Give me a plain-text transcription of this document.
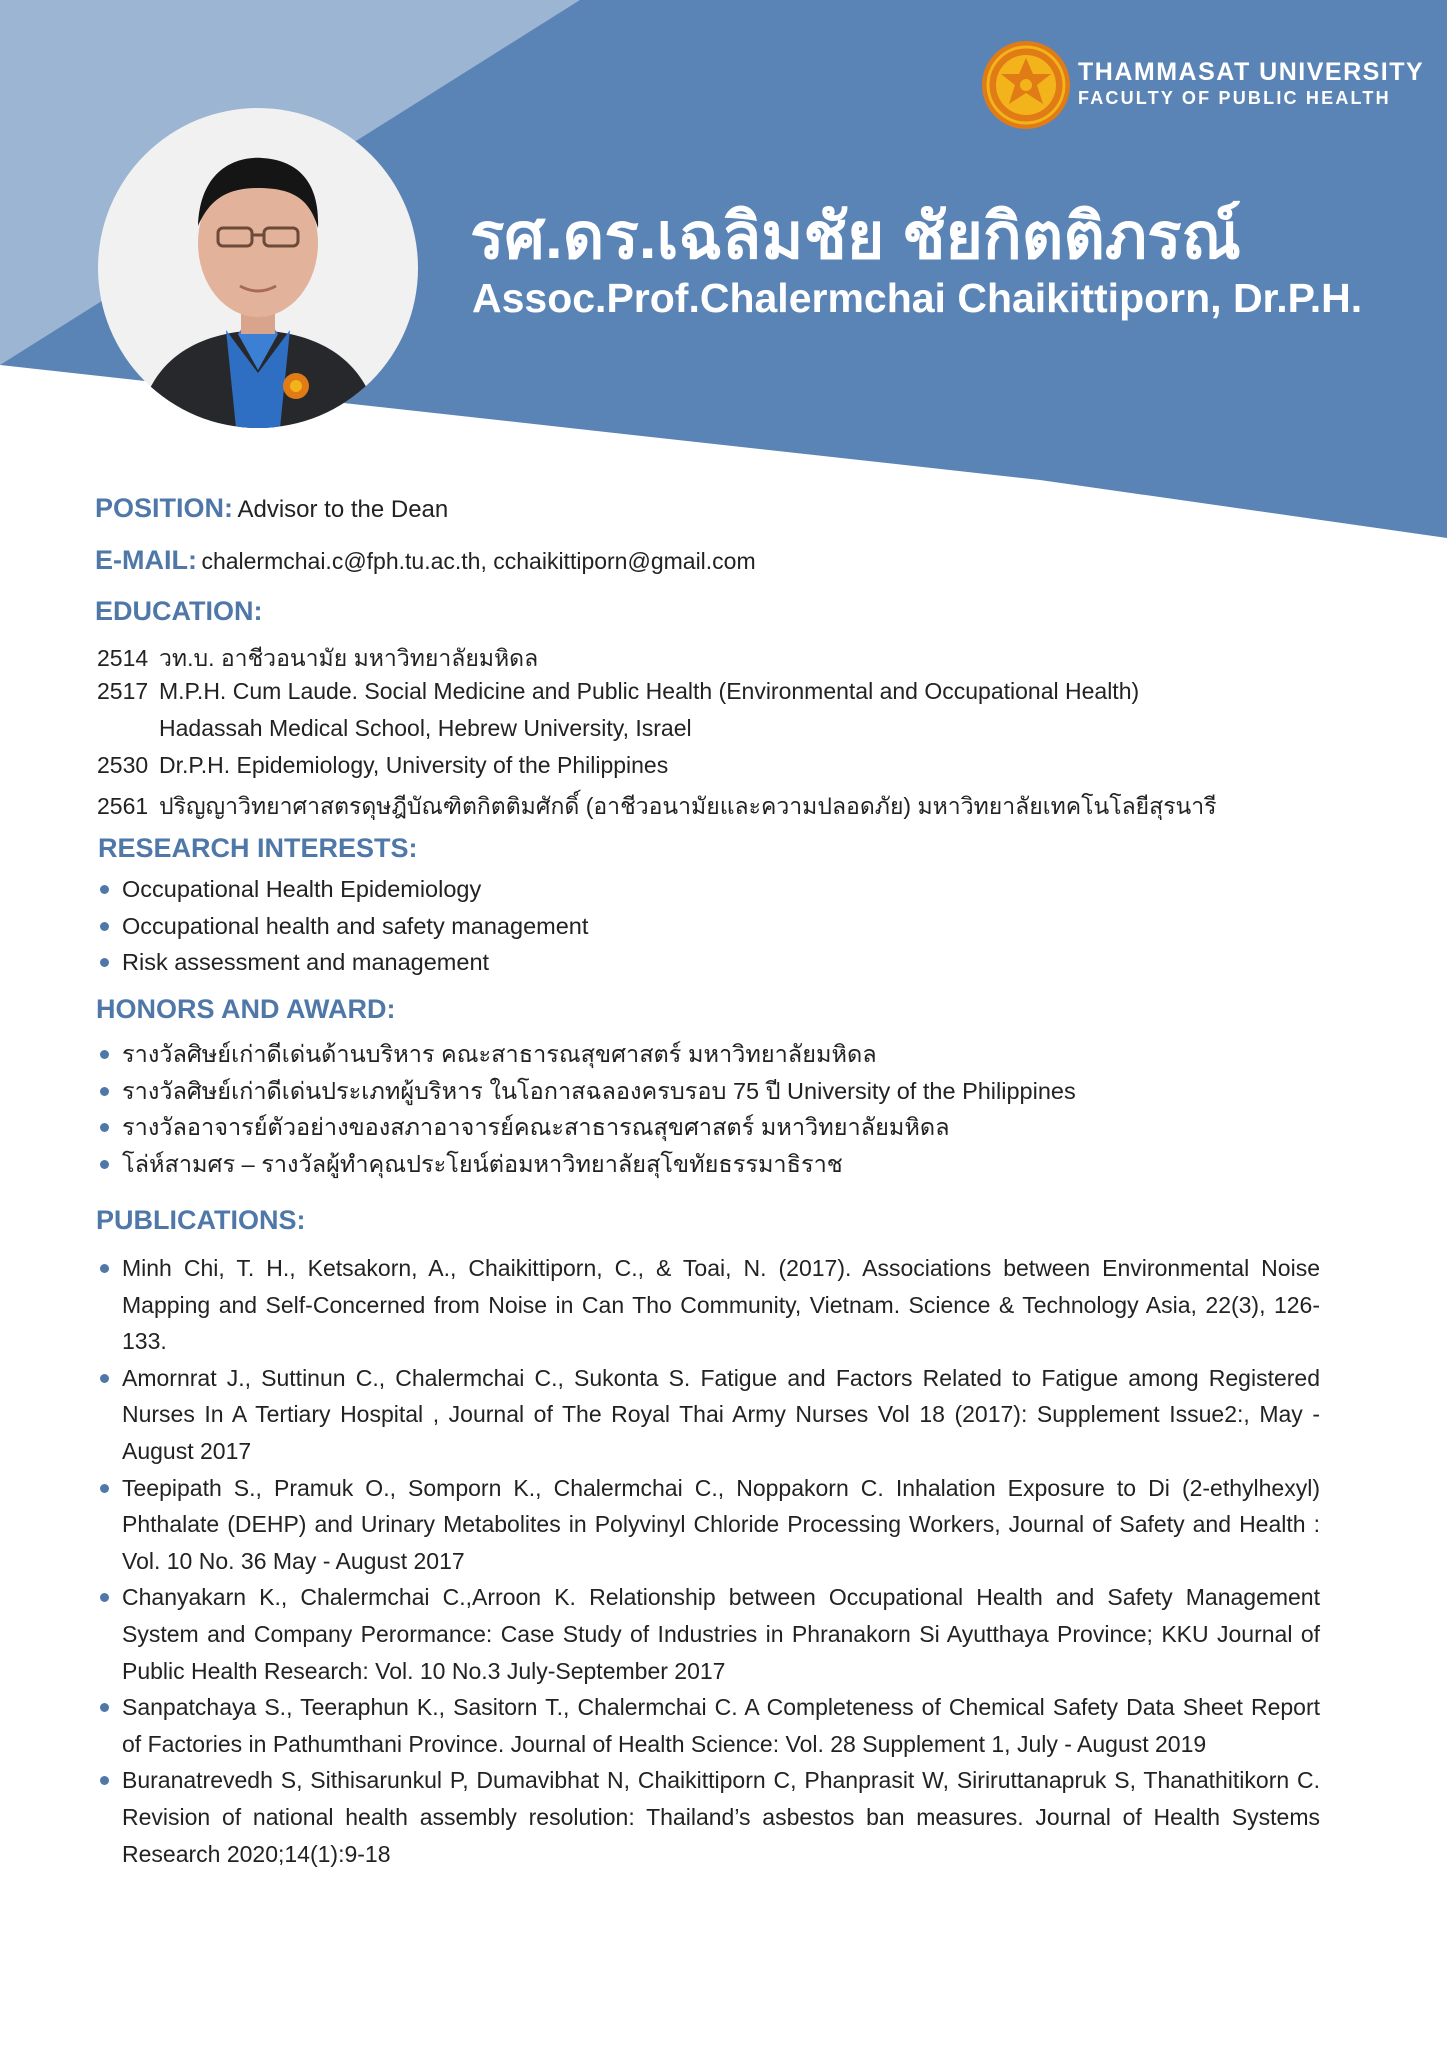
THAMMASAT UNIVERSITY
FACULTY OF PUBLIC HEALTH
รศ.ดร.เฉลิมชัย ชัยกิตติภรณ์
Assoc.Prof.Chalermchai Chaikittiporn, Dr.P.H.
POSITION: Advisor to the Dean
E-MAIL: chalermchai.c@fph.tu.ac.th, cchaikittiporn@gmail.com
EDUCATION:
2514 วท.บ. อาชีวอนามัย มหาวิทยาลัยมหิดล
2517 M.P.H. Cum Laude. Social Medicine and Public Health (Environmental and Occupational Health)
Hadassah Medical School, Hebrew University, Israel
2530 Dr.P.H. Epidemiology, University of the Philippines
2561 ปริญญาวิทยาศาสตรดุษฎีบัณฑิตกิตติมศักดิ์ (อาชีวอนามัยและความปลอดภัย) มหาวิทยาลัยเทคโนโลยีสุรนารี
RESEARCH INTERESTS:
Occupational Health Epidemiology
Occupational health and safety management
Risk assessment and management
HONORS AND AWARD:
รางวัลศิษย์เก่าดีเด่นด้านบริหาร คณะสาธารณสุขศาสตร์ มหาวิทยาลัยมหิดล
รางวัลศิษย์เก่าดีเด่นประเภทผู้บริหาร ในโอกาสฉลองครบรอบ 75 ปี University of the Philippines
รางวัลอาจารย์ตัวอย่างของสภาอาจารย์คณะสาธารณสุขศาสตร์ มหาวิทยาลัยมหิดล
โล่ห์สามศร – รางวัลผู้ทำคุณประโยน์ต่อมหาวิทยาลัยสุโขทัยธรรมาธิราช
PUBLICATIONS:
Minh Chi, T. H., Ketsakorn, A., Chaikittiporn, C., & Toai, N. (2017). Associations between Environmental Noise Mapping and Self-Concerned from Noise in Can Tho Community, Vietnam. Science & Technology Asia, 22(3), 126-133.
Amornrat J., Suttinun C., Chalermchai C., Sukonta S. Fatigue and Factors Related to Fatigue among Registered Nurses In A Tertiary Hospital , Journal of The Royal Thai Army Nurses Vol 18 (2017): Supplement Issue2:, May - August 2017
Teepipath S., Pramuk O., Somporn K., Chalermchai C., Noppakorn C. Inhalation Exposure to Di (2-ethylhexyl) Phthalate (DEHP) and Urinary Metabolites in Polyvinyl Chloride Processing Workers, Journal of Safety and Health : Vol. 10 No. 36 May - August 2017
Chanyakarn K., Chalermchai C.,Arroon K. Relationship between Occupational Health and Safety Management System and Company Perormance: Case Study of Industries in Phranakorn Si Ayutthaya Province; KKU Journal of Public Health Research: Vol. 10 No.3 July-September 2017
Sanpatchaya S., Teeraphun K., Sasitorn T., Chalermchai C. A Completeness of Chemical Safety Data Sheet Report of Factories in Pathumthani Province. Journal of Health Science: Vol. 28 Supplement 1, July - August 2019
Buranatrevedh S, Sithisarunkul P, Dumavibhat N, Chaikittiporn C, Phanprasit W, Siriruttanapruk S, Thanathitikorn C. Revision of national health assembly resolution: Thailand’s asbestos ban measures. Journal of Health Systems Research 2020;14(1):9-18
